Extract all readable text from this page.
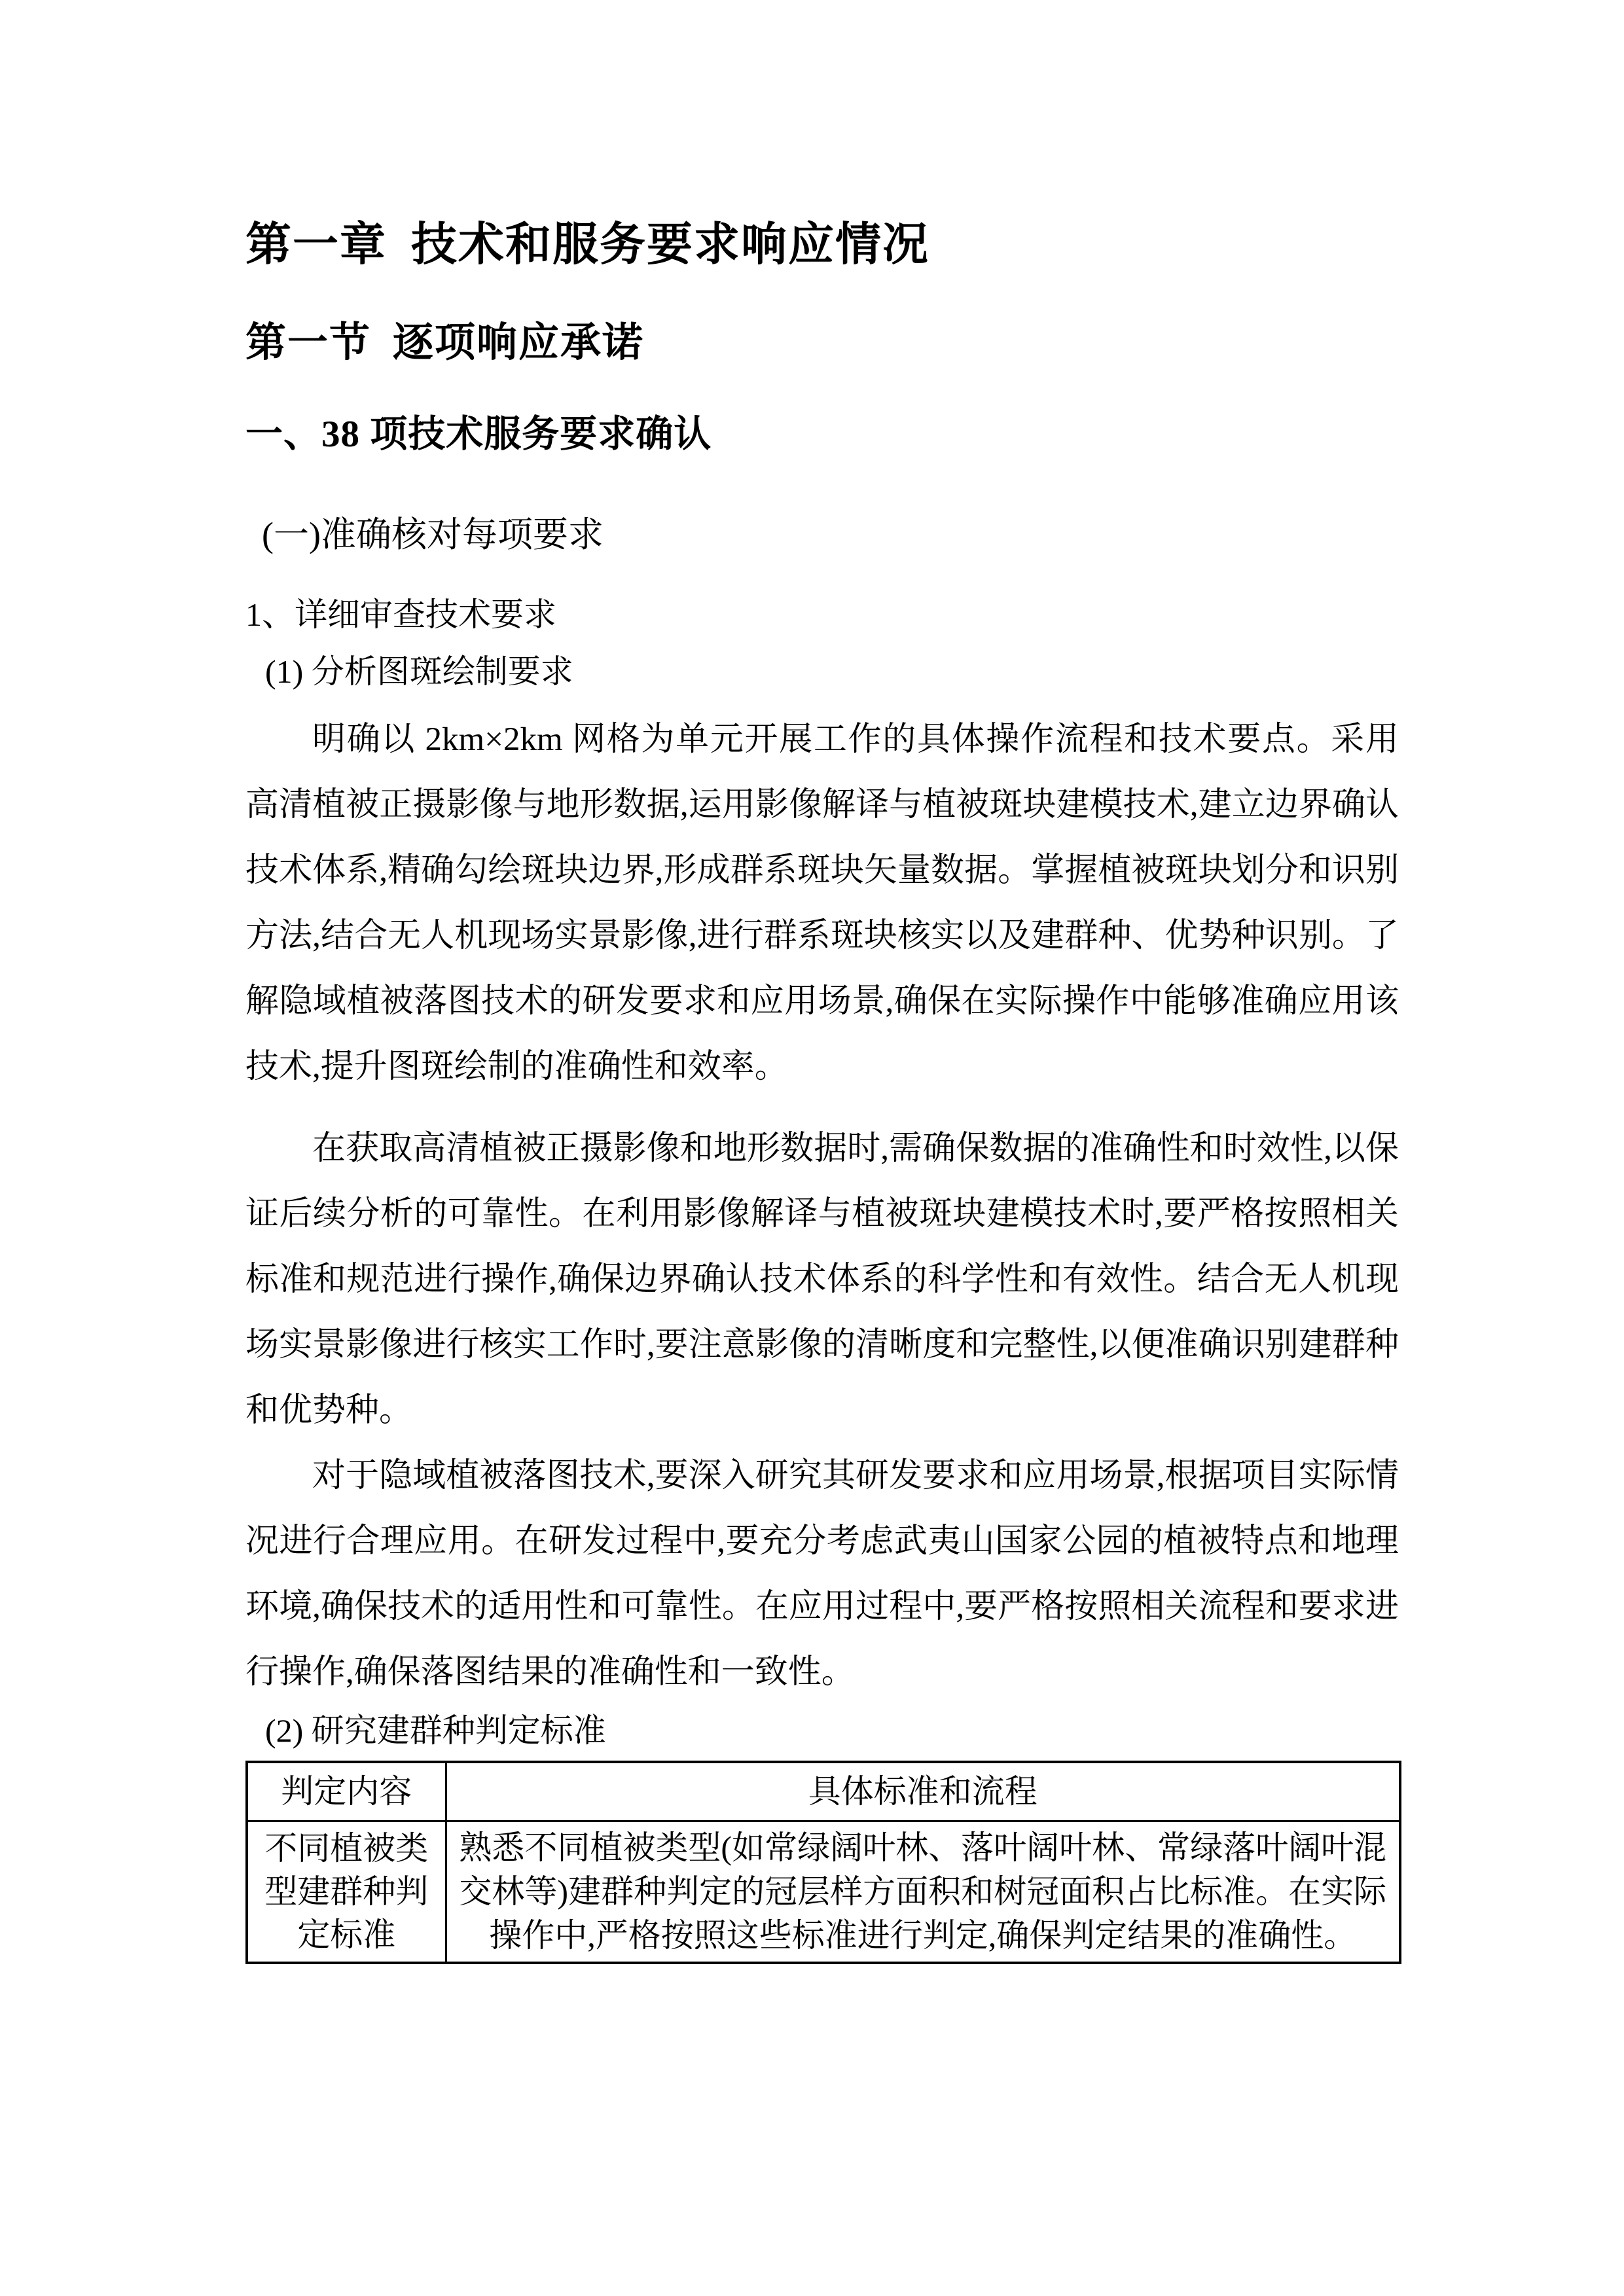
第一章 技术和服务要求响应情况
第一节 逐项响应承诺
一、38 项技术服务要求确认
(一)准确核对每项要求
1、详细审查技术要求
(1) 分析图斑绘制要求

明确以 2km×2km 网格为单元开展工作的具体操作流程和技术要点。采用高清植被正摄影像与地形数据,运用影像解译与植被斑块建模技术,建立边界确认技术体系,精确勾绘斑块边界,形成群系斑块矢量数据。掌握植被斑块划分和识别方法,结合无人机现场实景影像,进行群系斑块核实以及建群种、优势种识别。了解隐域植被落图技术的研发要求和应用场景,确保在实际操作中能够准确应用该技术,提升图斑绘制的准确性和效率。

在获取高清植被正摄影像和地形数据时,需确保数据的准确性和时效性,以保证后续分析的可靠性。在利用影像解译与植被斑块建模技术时,要严格按照相关标准和规范进行操作,确保边界确认技术体系的科学性和有效性。结合无人机现场实景影像进行核实工作时,要注意影像的清晰度和完整性,以便准确识别建群种和优势种。

对于隐域植被落图技术,要深入研究其研发要求和应用场景,根据项目实际情况进行合理应用。在研发过程中,要充分考虑武夷山国家公园的植被特点和地理环境,确保技术的适用性和可靠性。在应用过程中,要严格按照相关流程和要求进行操作,确保落图结果的准确性和一致性。

(2) 研究建群种判定标准
判定内容	具体标准和流程
不同植被类型建群种判定标准	熟悉不同植被类型(如常绿阔叶林、落叶阔叶林、常绿落叶阔叶混交林等)建群种判定的冠层样方面积和树冠面积占比标准。在实际操作中,严格按照这些标准进行判定,确保判定结果的准确性。
